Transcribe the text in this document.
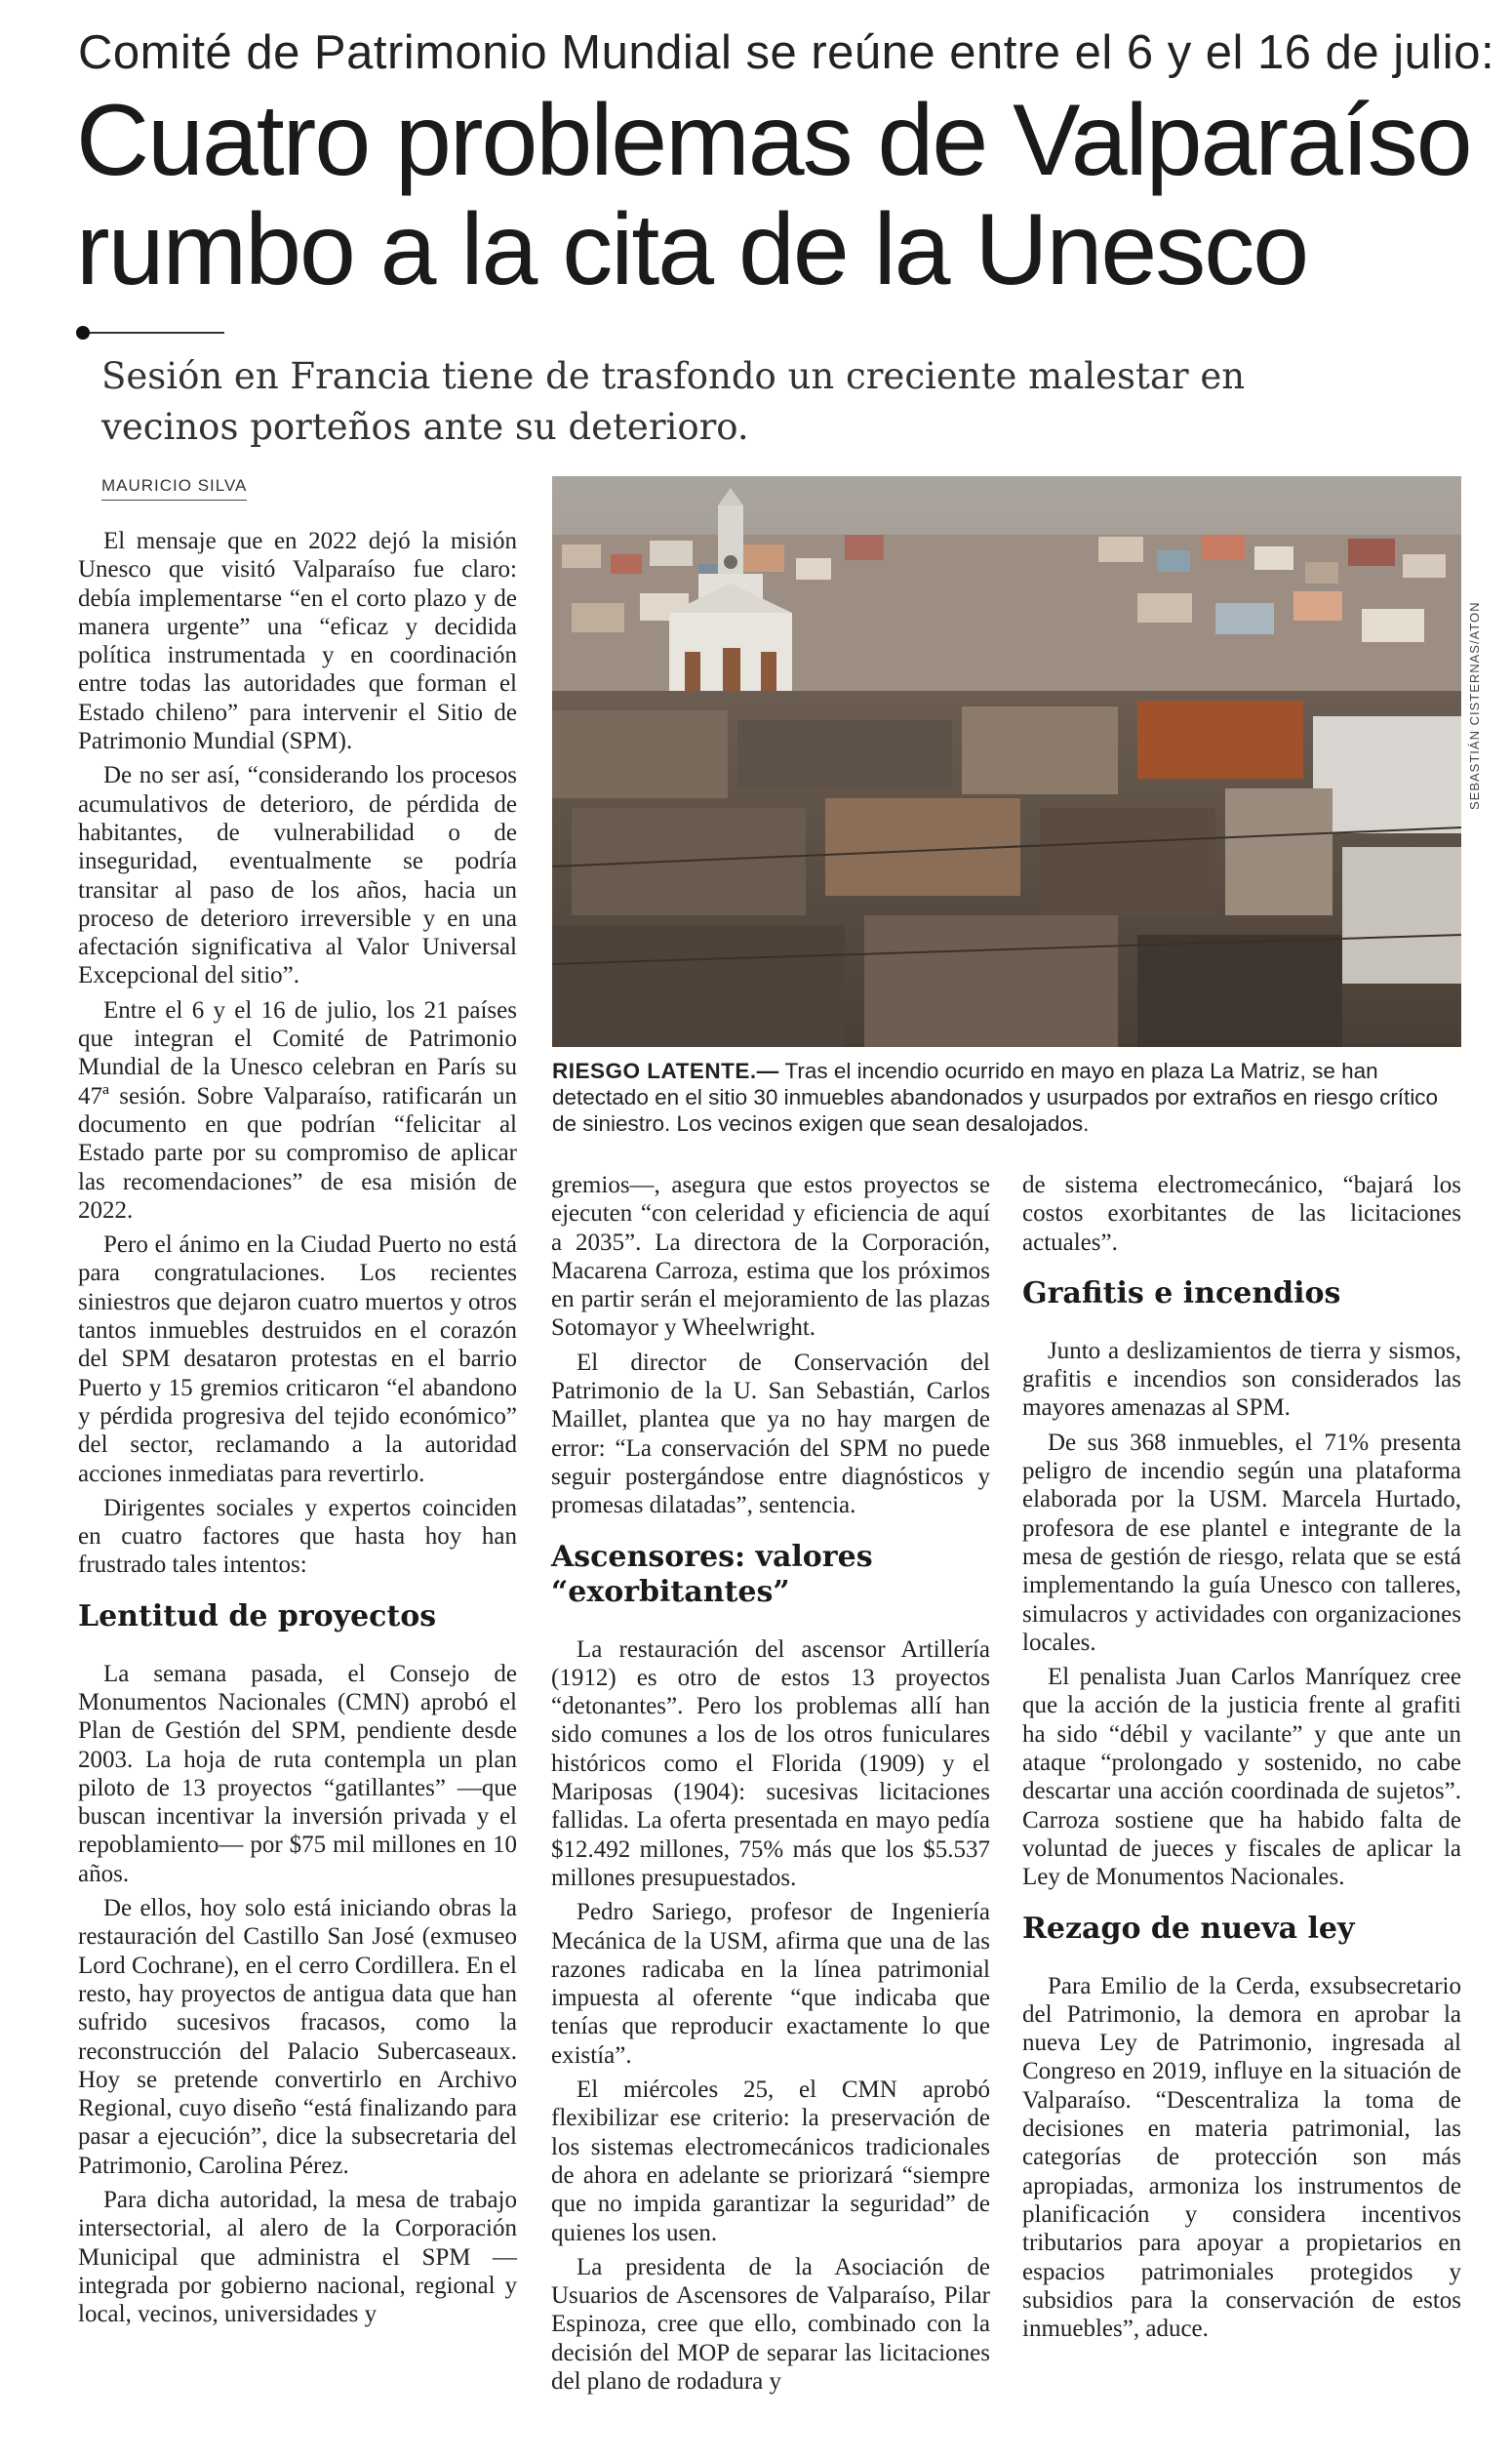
Comité de Patrimonio Mundial se reúne entre el 6 y el 16 de julio:
Cuatro problemas de Valparaíso rumbo a la cita de la Unesco
Sesión en Francia tiene de trasfondo un creciente malestar en vecinos porteños ante su deterioro.
MAURICIO SILVA

El mensaje que en 2022 dejó la misión Unesco que visitó Valparaíso fue claro: debía implementarse “en el corto plazo y de manera urgente” una “eficaz y decidida política instrumentada y en coordinación entre todas las autoridades que forman el Estado chileno” para intervenir el Sitio de Patrimonio Mundial (SPM).

De no ser así, “considerando los procesos acumulativos de deterioro, de pérdida de habitantes, de vulnerabilidad o de inseguridad, eventualmente se podría transitar al paso de los años, hacia un proceso de deterioro irreversible y en una afectación significativa al Valor Universal Excepcional del sitio”.

Entre el 6 y el 16 de julio, los 21 países que integran el Comité de Patrimonio Mundial de la Unesco celebran en París su 47ª sesión. Sobre Valparaíso, ratificarán un documento en que podrían “felicitar al Estado parte por su compromiso de aplicar las recomendaciones” de esa misión de 2022.

Pero el ánimo en la Ciudad Puerto no está para congratulaciones. Los recientes siniestros que dejaron cuatro muertos y otros tantos inmuebles destruidos en el corazón del SPM desataron protestas en el barrio Puerto y 15 gremios criticaron “el abandono y pérdida progresiva del tejido económico” del sector, reclamando a la autoridad acciones inmediatas para revertirlo.

Dirigentes sociales y expertos coinciden en cuatro factores que hasta hoy han frustrado tales intentos:

Lentitud de proyectos

La semana pasada, el Consejo de Monumentos Nacionales (CMN) aprobó el Plan de Gestión del SPM, pendiente desde 2003. La hoja de ruta contempla un plan piloto de 13 proyectos “gatillantes” —que buscan incentivar la inversión privada y el repoblamiento— por $75 mil millones en 10 años.

De ellos, hoy solo está iniciando obras la restauración del Castillo San José (exmuseo Lord Cochrane), en el cerro Cordillera. En el resto, hay proyectos de antigua data que han sufrido sucesivos fracasos, como la reconstrucción del Palacio Subercaseaux. Hoy se pretende convertirlo en Archivo Regional, cuyo diseño “está finalizando para pasar a ejecución”, dice la subsecretaria del Patrimonio, Carolina Pérez.

Para dicha autoridad, la mesa de trabajo intersectorial, al alero de la Corporación Municipal que administra el SPM —integrada por gobierno nacional, regional y local, vecinos, universidades y

SEBASTIÁN CISTERNAS/ATON
RIESGO LATENTE.— Tras el incendio ocurrido en mayo en plaza La Matriz, se han detectado en el sitio 30 inmuebles abandonados y usurpados por extraños en riesgo crítico de siniestro. Los vecinos exigen que sean desalojados.

gremios—, asegura que estos proyectos se ejecuten “con celeridad y eficiencia de aquí a 2035”. La directora de la Corporación, Macarena Carroza, estima que los próximos en partir serán el mejoramiento de las plazas Sotomayor y Wheelwright.

El director de Conservación del Patrimonio de la U. San Sebastián, Carlos Maillet, plantea que ya no hay margen de error: “La conservación del SPM no puede seguir postergándose entre diagnósticos y promesas dilatadas”, sentencia.

Ascensores: valores “exorbitantes”

La restauración del ascensor Artillería (1912) es otro de estos 13 proyectos “detonantes”. Pero los problemas allí han sido comunes a los de los otros funiculares históricos como el Florida (1909) y el Mariposas (1904): sucesivas licitaciones fallidas. La oferta presentada en mayo pedía $12.492 millones, 75% más que los $5.537 millones presupuestados.

Pedro Sariego, profesor de Ingeniería Mecánica de la USM, afirma que una de las razones radicaba en la línea patrimonial impuesta al oferente “que indicaba que tenías que reproducir exactamente lo que existía”.

El miércoles 25, el CMN aprobó flexibilizar ese criterio: la preservación de los sistemas electromecánicos tradicionales de ahora en adelante se priorizará “siempre que no impida garantizar la seguridad” de quienes los usen.

La presidenta de la Asociación de Usuarios de Ascensores de Valparaíso, Pilar Espinoza, cree que ello, combinado con la decisión del MOP de separar las licitaciones del plano de rodadura y

de sistema electromecánico, “bajará los costos exorbitantes de las licitaciones actuales”.

Grafitis e incendios

Junto a deslizamientos de tierra y sismos, grafitis e incendios son considerados las mayores amenazas al SPM.

De sus 368 inmuebles, el 71% presenta peligro de incendio según una plataforma elaborada por la USM. Marcela Hurtado, profesora de ese plantel e integrante de la mesa de gestión de riesgo, relata que se está implementando la guía Unesco con talleres, simulacros y actividades con organizaciones locales.

El penalista Juan Carlos Manríquez cree que la acción de la justicia frente al grafiti ha sido “débil y vacilante” y que ante un ataque “prolongado y sostenido, no cabe descartar una acción coordinada de sujetos”. Carroza sostiene que ha habido falta de voluntad de jueces y fiscales de aplicar la Ley de Monumentos Nacionales.

Rezago de nueva ley

Para Emilio de la Cerda, exsubsecretario del Patrimonio, la demora en aprobar la nueva Ley de Patrimonio, ingresada al Congreso en 2019, influye en la situación de Valparaíso. “Descentraliza la toma de decisiones en materia patrimonial, las categorías de protección son más apropiadas, armoniza los instrumentos de planificación y considera incentivos tributarios para apoyar a propietarios en espacios patrimoniales protegidos y subsidios para la conservación de estos inmuebles”, aduce.
